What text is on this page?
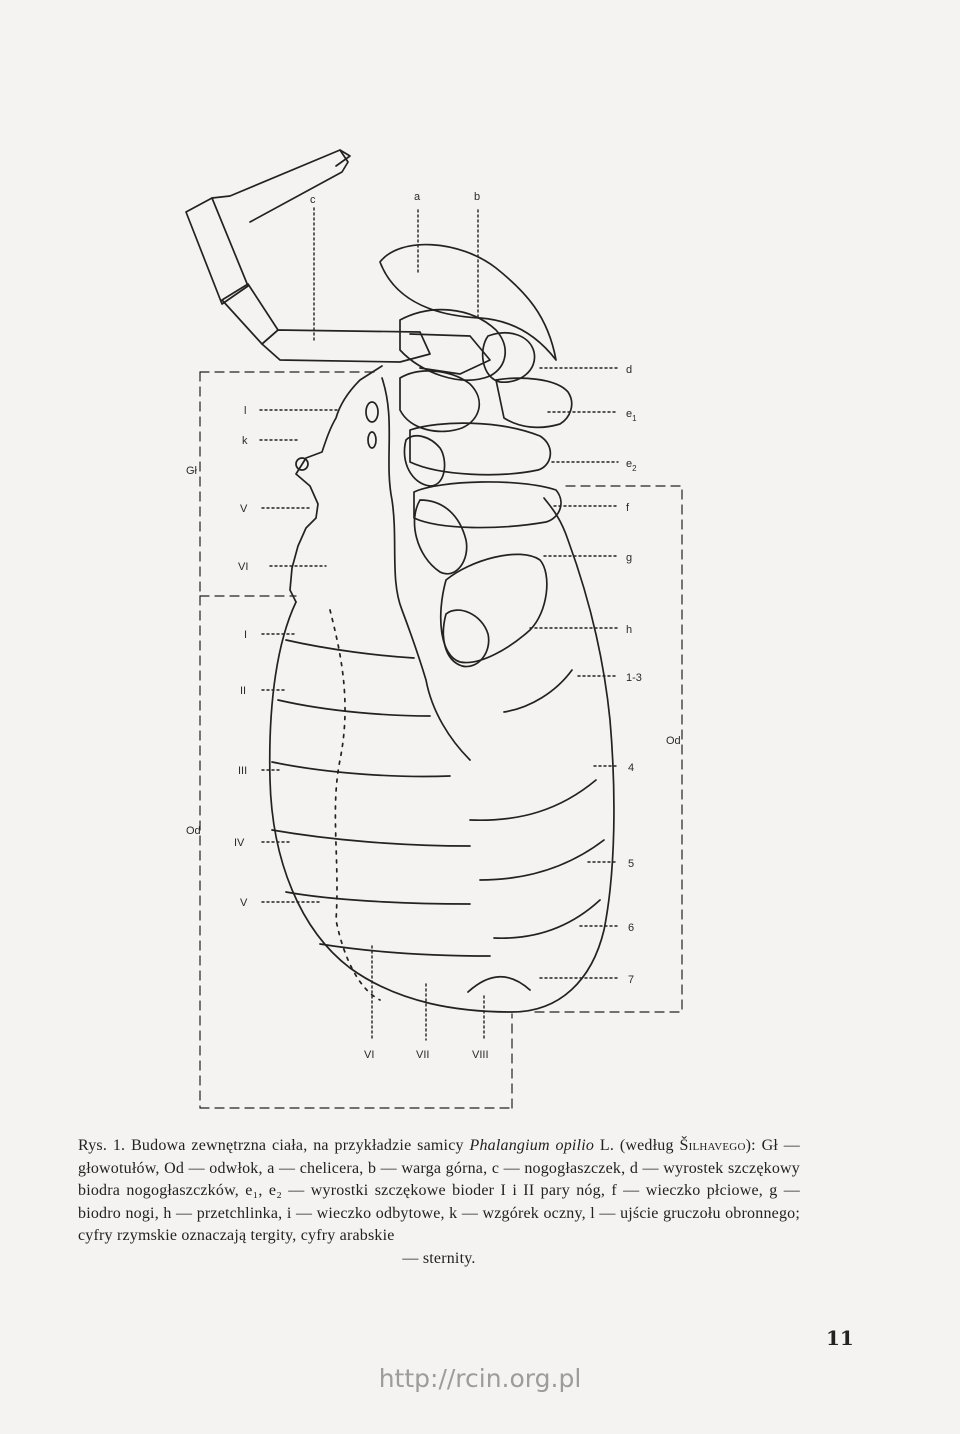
c	a	b
d
$e_1$
$e_2$
f
g
h
1-3
4
5
6
7
l
k
V
VI
I
II
III
IV
V
VI	VII	VIII
Gł
Od
Od
Rys. 1. Budowa zewnętrzna ciała, na przykładzie samicy Phalangium opilio L. (według Šilhavego): Gł — głowotułów, Od — odwłok, a — chelicera, b — warga górna, c — nogogłaszczek, d — wyrostek szczękowy biodra nogogłaszczków, e₁, e₂ — wyrostki szczękowe bioder I i II pary nóg, f — wieczko płciowe, g — biodro nogi, h — przetchlinka, i — wieczko odbytowe, k — wzgórek oczny, l — ujście gruczołu obronnego; cyfry rzymskie oznaczają tergity, cyfry arabskie
— sternity.
11
http://rcin.org.pl
